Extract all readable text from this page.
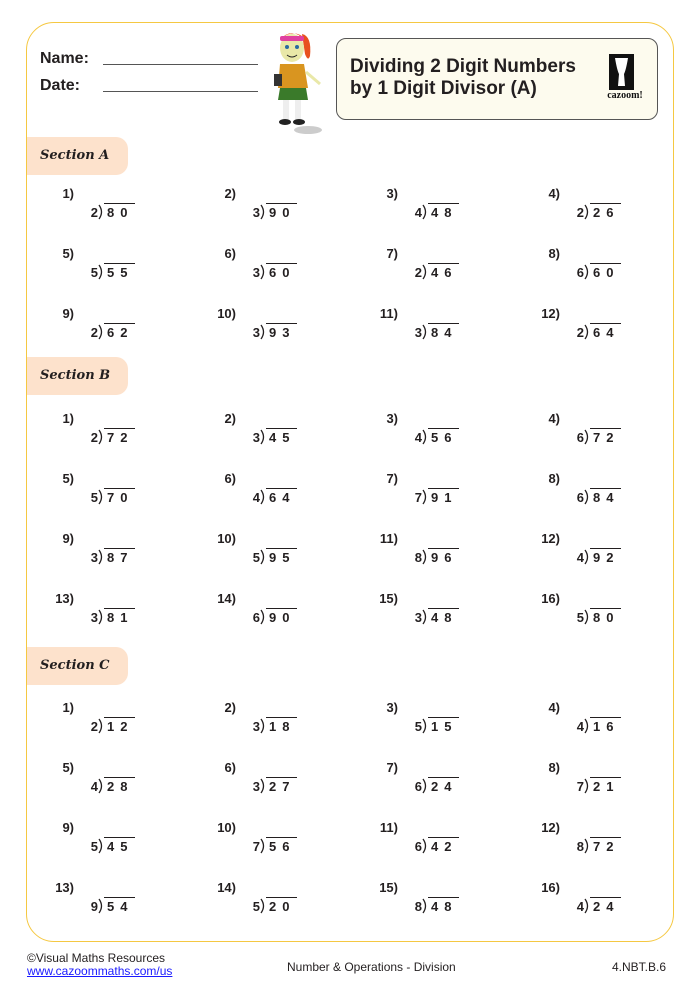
Name:
Date:
Dividing 2 Digit Numbers
by 1 Digit Divisor (A)	cazoom!
Section A
1)
2 80
2)
3 90
3)
4 48
4)
2 26
5)
5 55
6)
3 60
7)
2 46
8)
6 60
9)
2 62
10)
3 93
11)
3 84
12)
2 64
Section B
1)
2 72
2)
3 45
3)
4 56
4)
6 72
5)
5 70
6)
4 64
7)
7 91
8)
6 84
9)
3 87
10)
5 95
11)
8 96
12)
4 92
13)
3 81
14)
6 90
15)
3 48
16)
5 80
Section C
1)
2 12
2)
3 18
3)
5 15
4)
4 16
5)
4 28
6)
3 27
7)
6 24
8)
7 21
9)
5 45
10)
7 56
11)
6 42
12)
8 72
13)
9 54
14)
5 20
15)
8 48
16)
4 24
©Visual Maths Resources
www.cazoommaths.com/us	Number & Operations - Division	4.NBT.B.6
